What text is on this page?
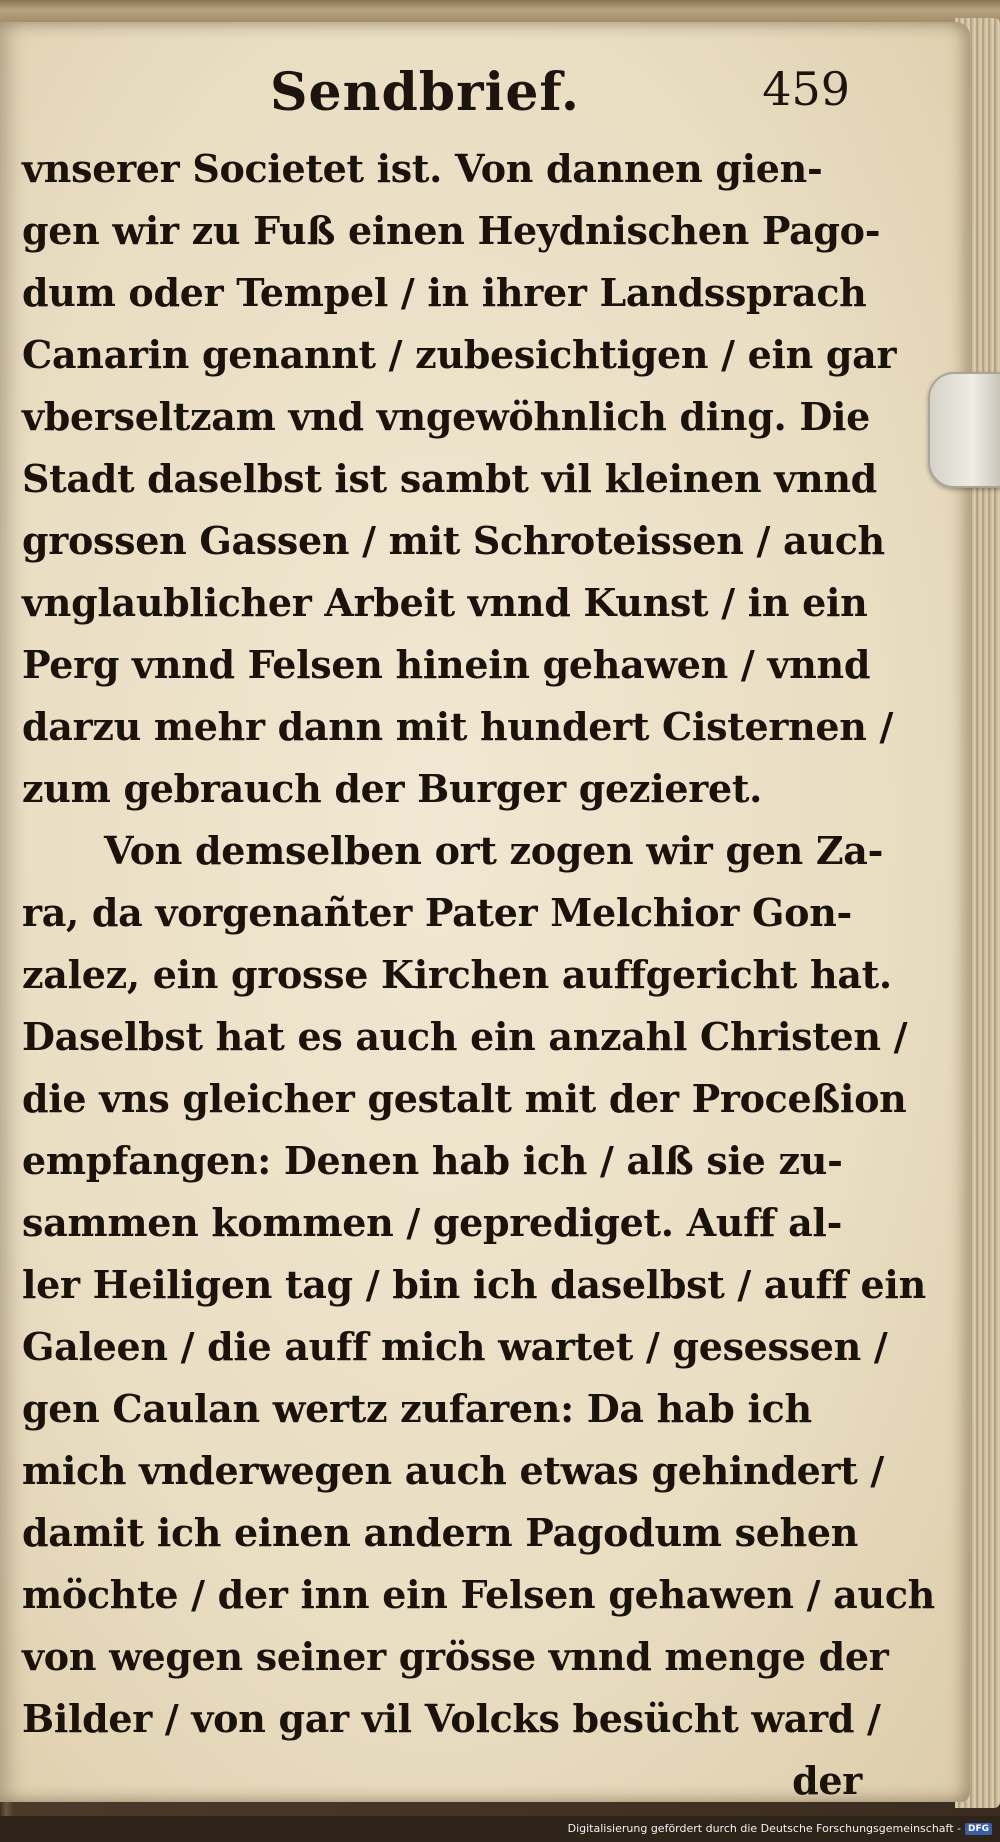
Sendbrief.	459
vnserer Societet ist. Von dannen gien-
gen wir zu Fuß einen Heydnischen Pago-
dum oder Tempel / in ihrer Landssprach
Canarin genannt / zubesichtigen / ein gar
vberseltzam vnd vngewöhnlich ding. Die
Stadt daselbst ist sambt vil kleinen vnnd
grossen Gassen / mit Schroteissen / auch
vnglaublicher Arbeit vnnd Kunst / in ein
Perg vnnd Felsen hinein gehawen / vnnd
darzu mehr dann mit hundert Cisternen /
zum gebrauch der Burger gezieret.
Von demselben ort zogen wir gen Za-
ra, da vorgenañter Pater Melchior Gon-
zalez, ein grosse Kirchen auffgericht hat.
Daselbst hat es auch ein anzahl Christen /
die vns gleicher gestalt mit der Proceßion
empfangen: Denen hab ich / alß sie zu-
sammen kommen / geprediget. Auff al-
ler Heiligen tag / bin ich daselbst / auff ein
Galeen / die auff mich wartet / gesessen /
gen Caulan wertz zufaren: Da hab ich
mich vnderwegen auch etwas gehindert /
damit ich einen andern Pagodum sehen
möchte / der inn ein Felsen gehawen / auch
von wegen seiner grösse vnnd menge der
Bilder / von gar vil Volcks besücht ward /
der
Digitalisierung gefördert durch die Deutsche Forschungsgemeinschaft - DFG
